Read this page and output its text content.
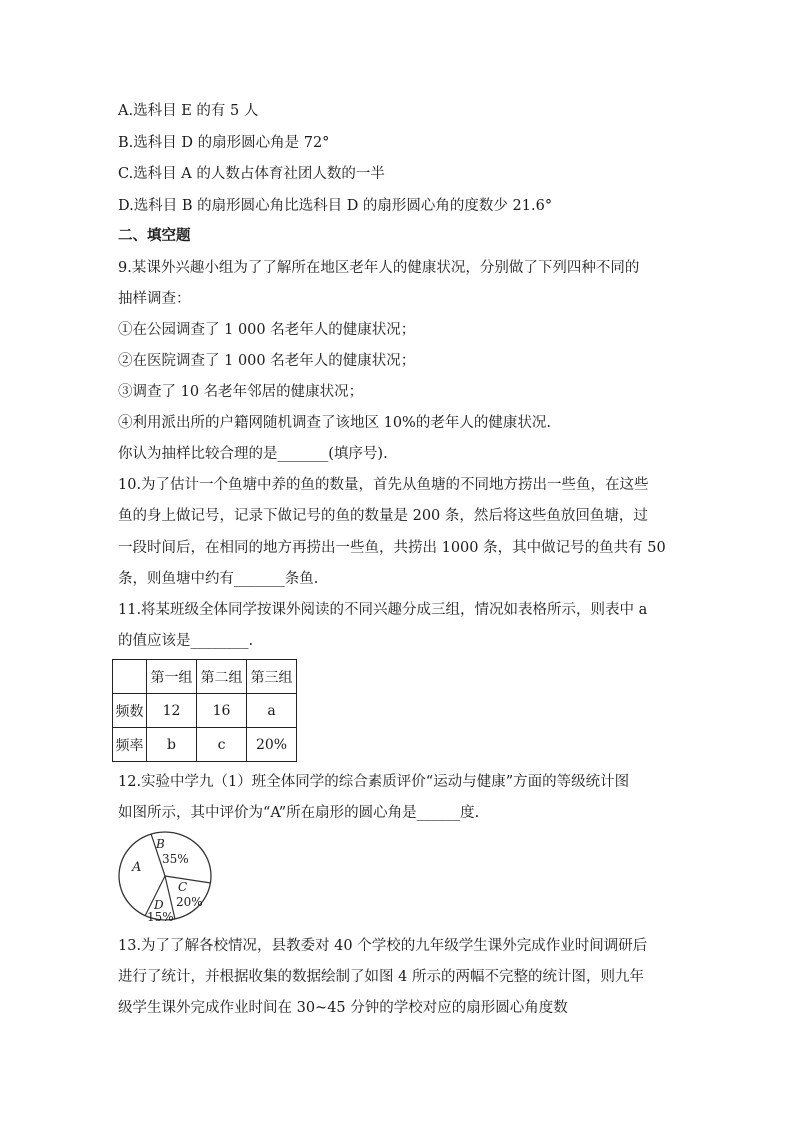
A.选科目 E 的有 5 人
B.选科目 D 的扇形圆心角是 72°
C.选科目 A 的人数占体育社团人数的一半
D.选科目 B 的扇形圆心角比选科目 D 的扇形圆心角的度数少 21.6°
二、填空题
9.某课外兴趣小组为了了解所在地区老年人的健康状况，分别做了下列四种不同的
抽样调查：
①在公园调查了 1 000 名老年人的健康状况；
②在医院调查了 1 000 名老年人的健康状况；
③调查了 10 名老年邻居的健康状况；
④利用派出所的户籍网随机调查了该地区 10%的老年人的健康状况.
你认为抽样比较合理的是_______(填序号).
10.为了估计一个鱼塘中养的鱼的数量，首先从鱼塘的不同地方捞出一些鱼，在这些
鱼的身上做记号，记录下做记号的鱼的数量是 200 条，然后将这些鱼放回鱼塘，过
一段时间后，在相同的地方再捞出一些鱼，共捞出 1000 条，其中做记号的鱼共有 50
条，则鱼塘中约有_______条鱼.
11.将某班级全体同学按课外阅读的不同兴趣分成三组，情况如表格所示，则表中 a
的值应该是________.
	第一组	第二组	第三组
频数	12	16	a
频率	b	c	20%
12.实验中学九（1）班全体同学的综合素质评价“运动与健康”方面的等级统计图
如图所示，其中评价为“A”所在扇形的圆心角是______度.
A
B
35%
C
20%
D
15%
13.为了了解各校情况，县教委对 40 个学校的九年级学生课外完成作业时间调研后
进行了统计，并根据收集的数据绘制了如图 4 所示的两幅不完整的统计图，则九年
级学生课外完成作业时间在 30~45 分钟的学校对应的扇形圆心角度数
